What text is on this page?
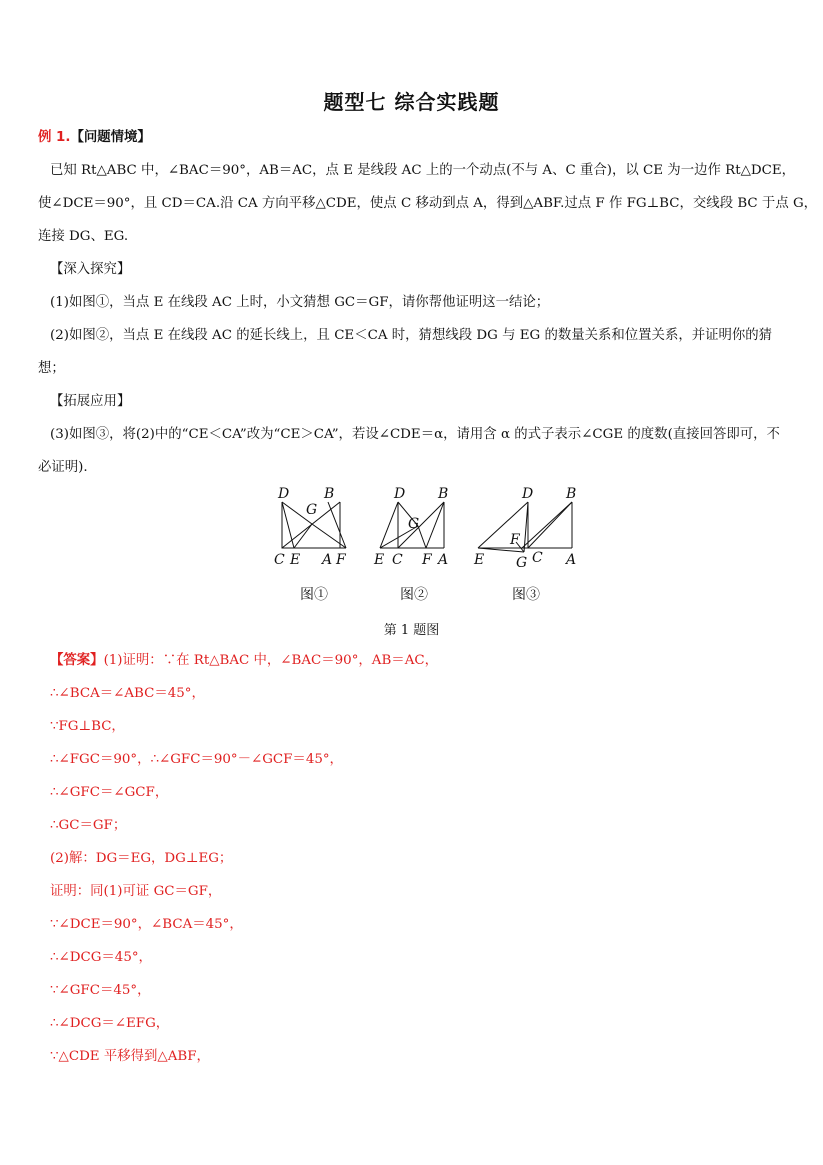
题型七 综合实践题
例 1.【问题情境】
已知 Rt△ABC 中，∠BAC＝90°，AB＝AC，点 E 是线段 AC 上的一个动点(不与 A、C 重合)，以 CE 为一边作 Rt△DCE，
使∠DCE＝90°，且 CD＝CA.沿 CA 方向平移△CDE，使点 C 移动到点 A，得到△ABF.过点 F 作 FG⊥BC，交线段 BC 于点 G，
连接 DG、EG.
【深入探究】
(1)如图①，当点 E 在线段 AC 上时，小文猜想 GC＝GF，请你帮他证明这一结论；
(2)如图②，当点 E 在线段 AC 的延长线上，且 CE＜CA 时，猜想线段 DG 与 EG 的数量关系和位置关系，并证明你的猜
想；
【拓展应用】
(3)如图③，将(2)中的“CE＜CA”改为“CE＞CA”，若设∠CDE＝α，请用含 α 的式子表示∠CGE 的度数(直接回答即可，不
必证明).
D
G
B
C E A F
图①
D
G
B
E C F A
图②
D B
F
E G C A
图③
第 1 题图
【答案】(1)证明：∵在 Rt△BAC 中，∠BAC＝90°，AB＝AC，
∴∠BCA＝∠ABC＝45°，
∵FG⊥BC，
∴∠FGC＝90°，∴∠GFC＝90°－∠GCF＝45°，
∴∠GFC＝∠GCF，
∴GC＝GF；
(2)解：DG＝EG，DG⊥EG；
证明：同(1)可证 GC＝GF，
∵∠DCE＝90°，∠BCA＝45°，
∴∠DCG＝45°，
∵∠GFC＝45°，
∴∠DCG＝∠EFG，
∵△CDE 平移得到△ABF，
